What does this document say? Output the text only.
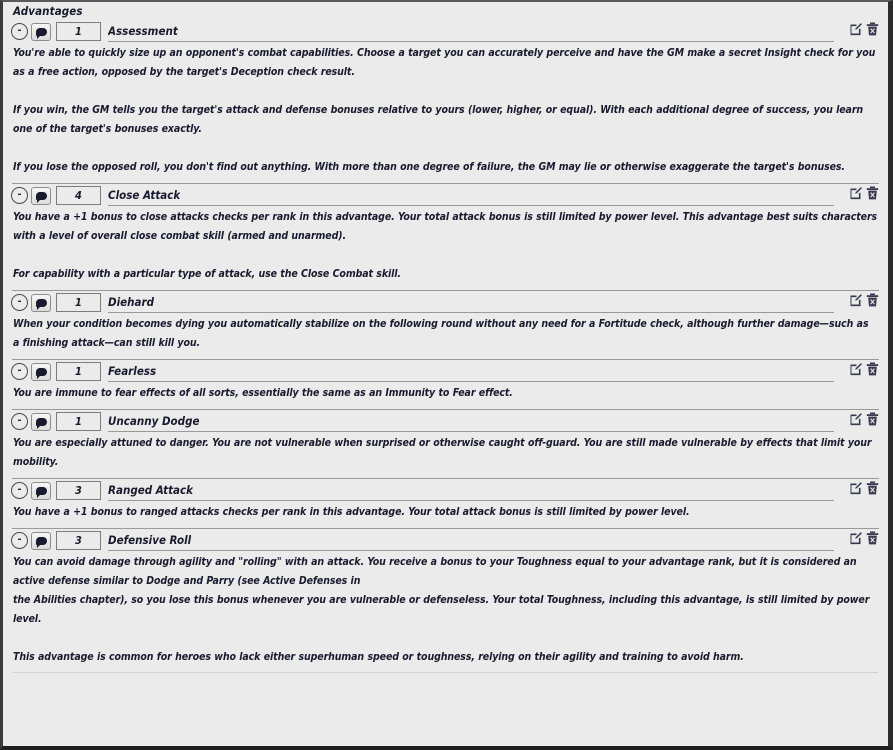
Advantages
-	1	Assessment
You're able to quickly size up an opponent's combat capabilities. Choose a target you can accurately perceive and have the GM make a secret Insight check for you as a free action, opposed by the target's Deception check result.
If you win, the GM tells you the target's attack and defense bonuses relative to yours (lower, higher, or equal). With each additional degree of success, you learn one of the target's bonuses exactly.
If you lose the opposed roll, you don't find out anything. With more than one degree of failure, the GM may lie or otherwise exaggerate the target's bonuses.
-	4	Close Attack
You have a +1 bonus to close attacks checks per rank in this advantage. Your total attack bonus is still limited by power level. This advantage best suits characters with a level of overall close combat skill (armed and unarmed).
For capability with a particular type of attack, use the Close Combat skill.
-	1	Diehard
When your condition becomes dying you automatically stabilize on the following round without any need for a Fortitude check, although further damage—such as a finishing attack—can still kill you.
-	1	Fearless
You are immune to fear effects of all sorts, essentially the same as an Immunity to Fear effect.
-	1	Uncanny Dodge
You are especially attuned to danger. You are not vulnerable when surprised or otherwise caught off-guard. You are still made vulnerable by effects that limit your mobility.
-	3	Ranged Attack
You have a +1 bonus to ranged attacks checks per rank in this advantage. Your total attack bonus is still limited by power level.
-	3	Defensive Roll
You can avoid damage through agility and "rolling" with an attack. You receive a bonus to your Toughness equal to your advantage rank, but it is considered an active defense similar to Dodge and Parry (see Active Defenses in
the Abilities chapter), so you lose this bonus whenever you are vulnerable or defenseless. Your total Toughness, including this advantage, is still limited by power level.
This advantage is common for heroes who lack either superhuman speed or toughness, relying on their agility and training to avoid harm.
